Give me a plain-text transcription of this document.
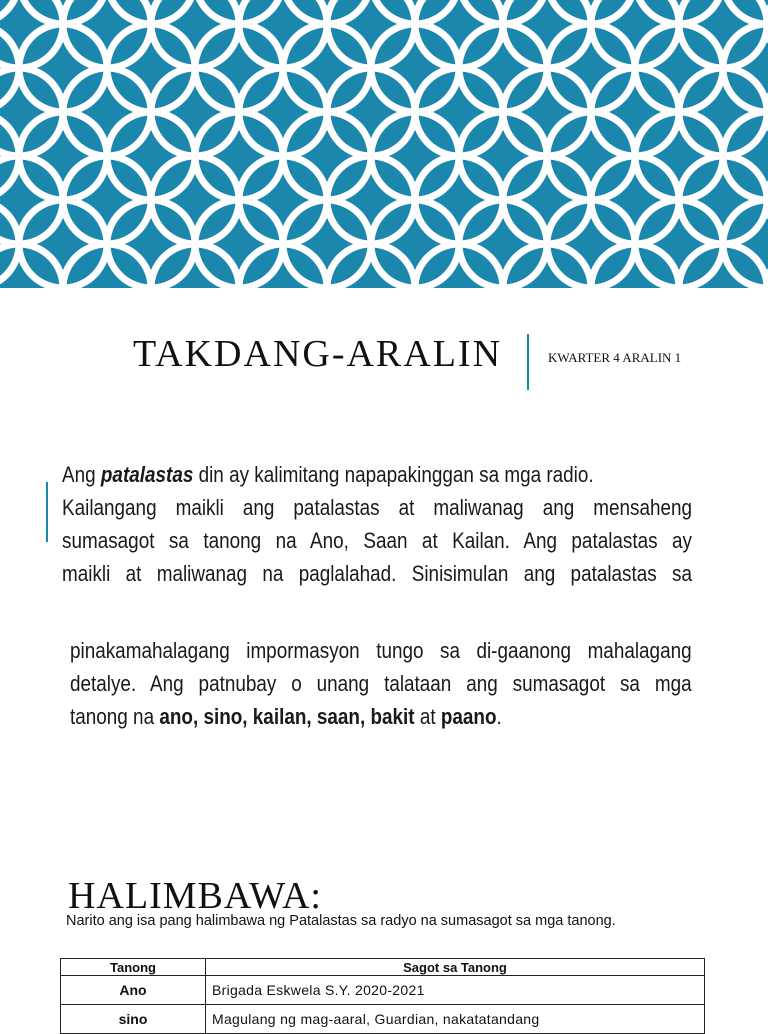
TAKDANG-ARALIN	KWARTER 4 ARALIN 1
Ang patalastas din ay kalimitang napapakinggan sa mga radio.
Kailangang maikli ang patalastas at maliwanag ang mensaheng
sumasagot sa tanong na Ano, Saan at Kailan. Ang patalastas ay
maikli at maliwanag na paglalahad. Sinisimulan ang patalastas sa
pinakamahalagang impormasyon tungo sa di-gaanong mahalagang
detalye. Ang patnubay o unang talataan ang sumasagot sa mga
tanong na ano, sino, kailan, saan, bakit at paano.
HALIMBAWA:
Narito ang isa pang halimbawa ng Patalastas sa radyo na sumasagot sa mga tanong.
Tanong	Sagot sa Tanong
Ano	Brigada Eskwela S.Y. 2020-2021
sino	Magulang ng mag-aaral, Guardian, nakatatandang
